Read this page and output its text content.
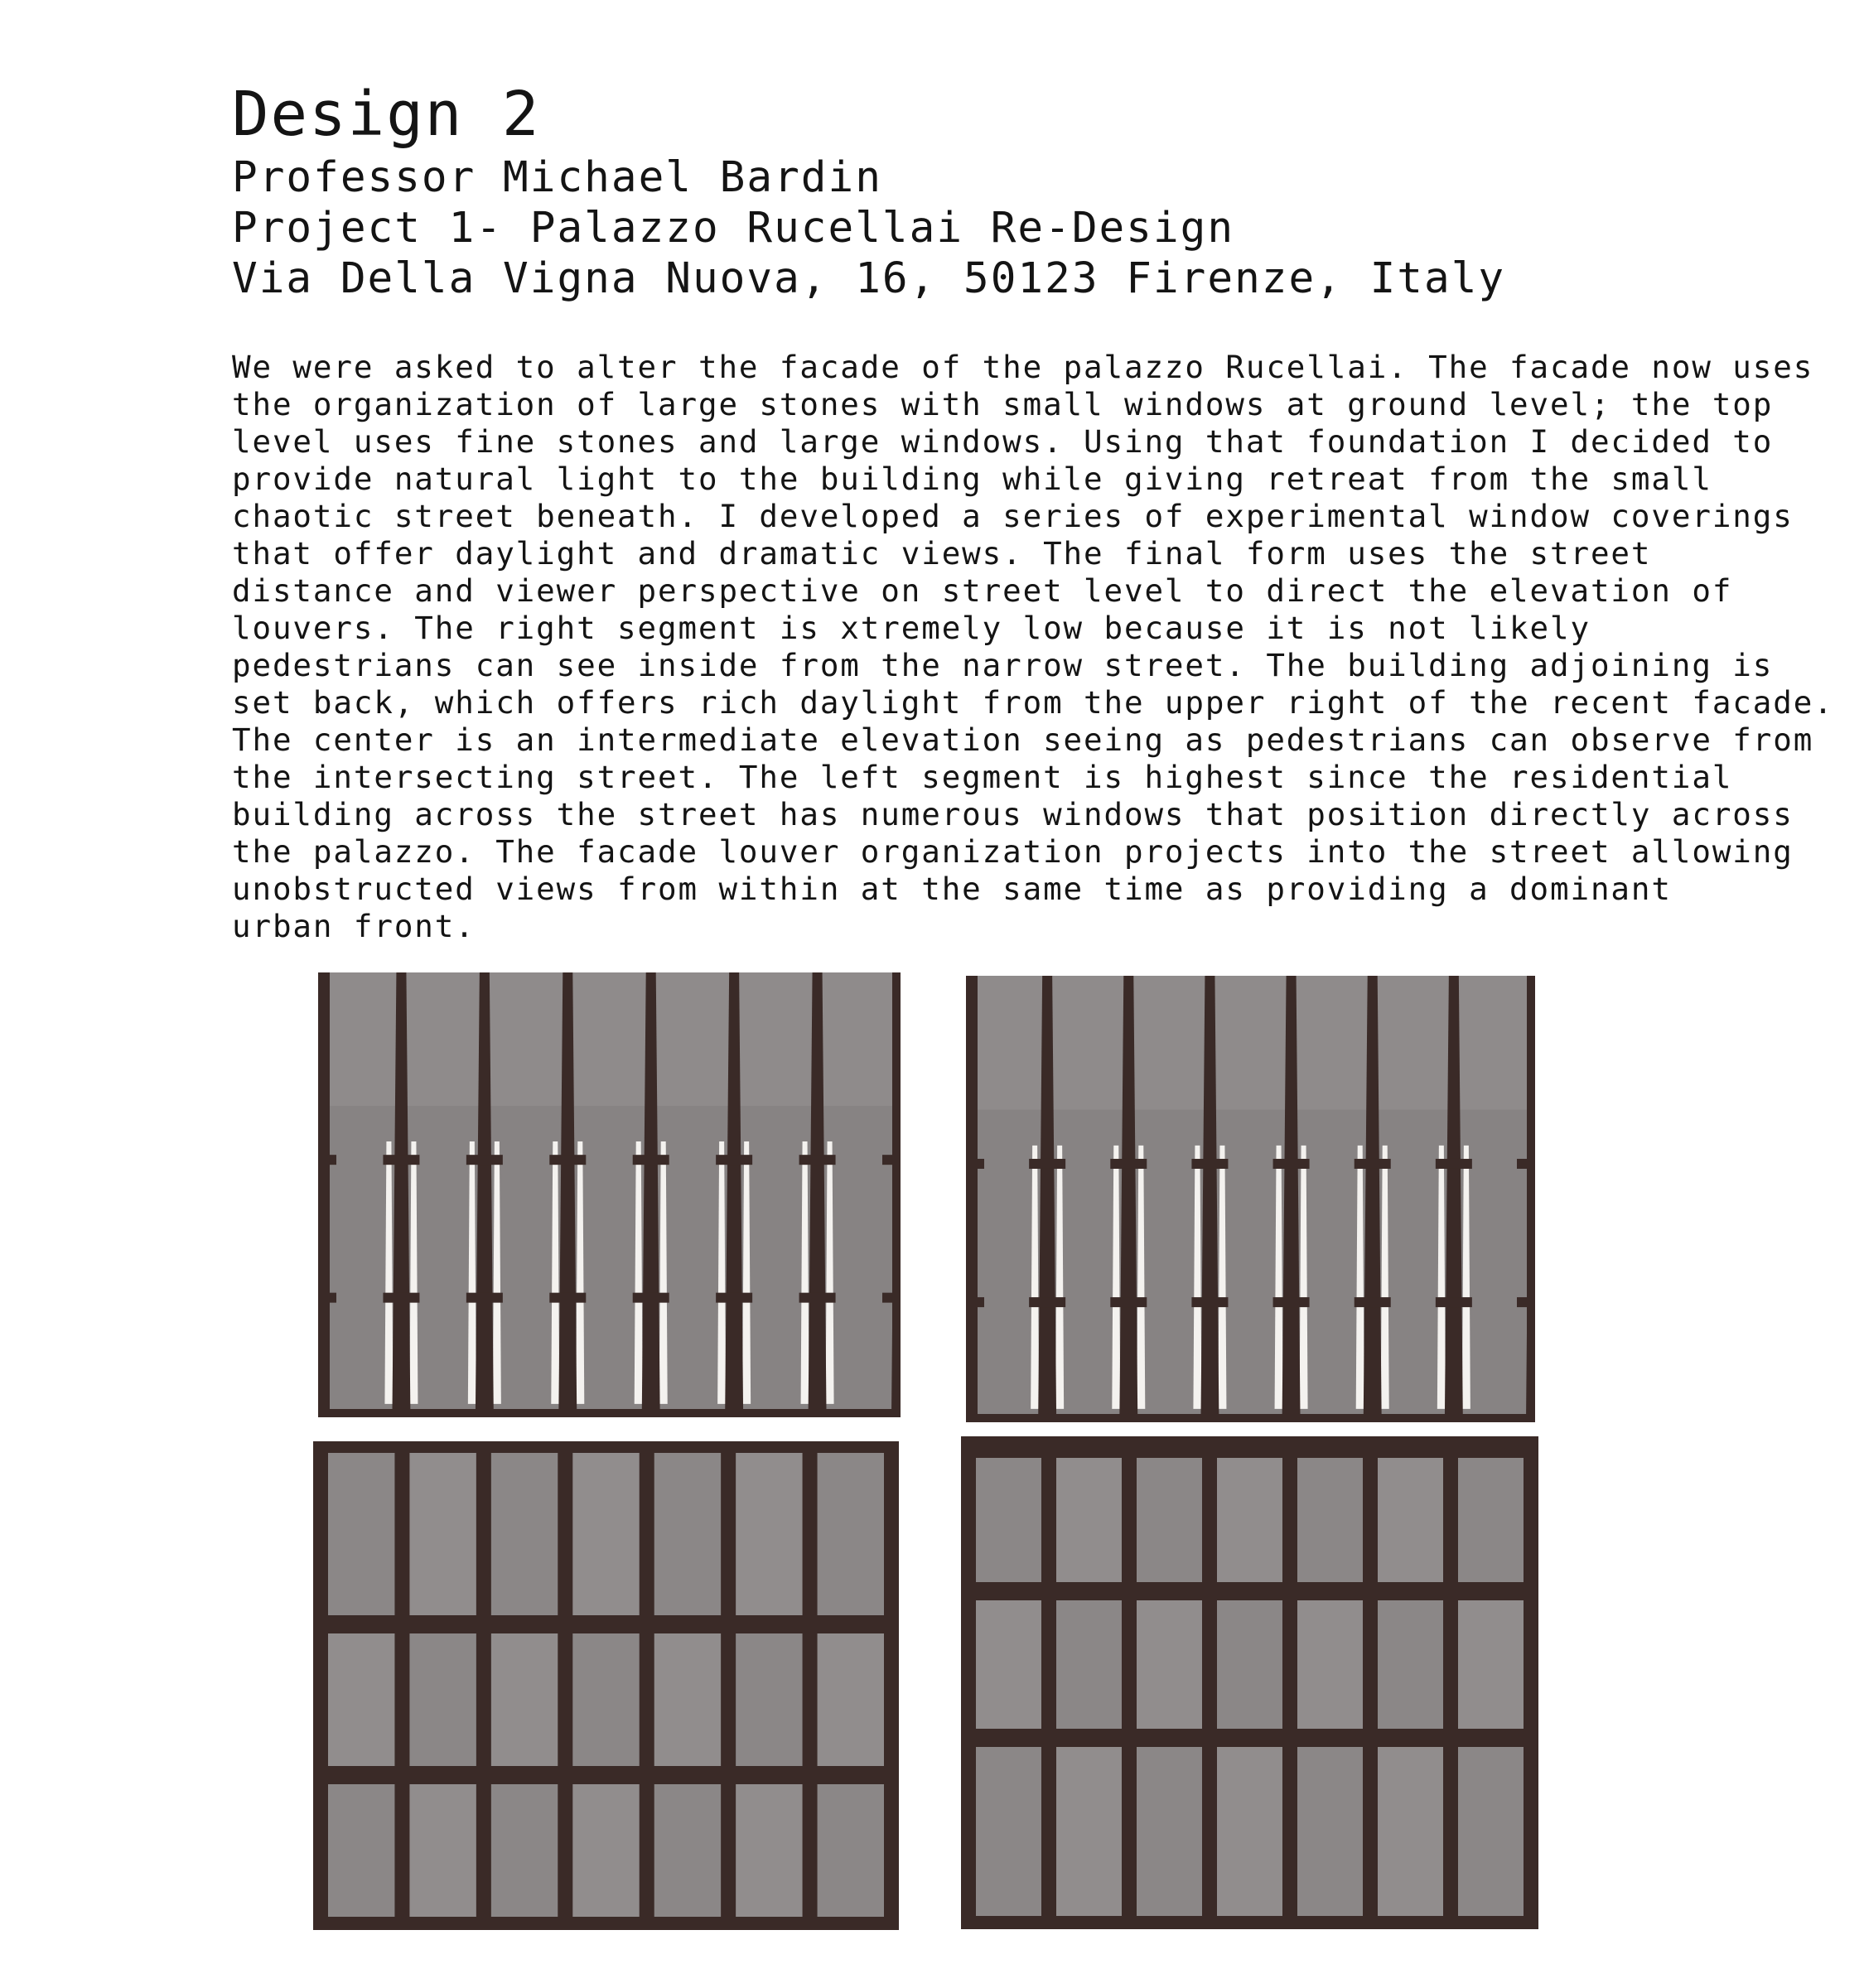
Design 2

Professor Michael Bardin

Project 1- Palazzo Rucellai Re-Design

Via Della Vigna Nuova, 16, 50123 Firenze, Italy

We were asked to alter the facade of the palazzo Rucellai. The facade now uses
the organization of large stones with small windows at ground level; the top
level uses fine stones and large windows. Using that foundation I decided to
provide natural light to the building while giving retreat from the small
chaotic street beneath. I developed a series of experimental window coverings
that offer daylight and dramatic views. The final form uses the street
distance and viewer perspective on street level to direct the elevation of
louvers. The right segment is xtremely low because it is not likely
pedestrians can see inside from the narrow street. The building adjoining is
set back, which offers rich daylight from the upper right of the recent facade.
The center is an intermediate elevation seeing as pedestrians can observe from
the intersecting street. The left segment is highest since the residential
building across the street has numerous windows that position directly across
the palazzo. The facade louver organization projects into the street allowing
unobstructed views from within at the same time as providing a dominant
urban front.
